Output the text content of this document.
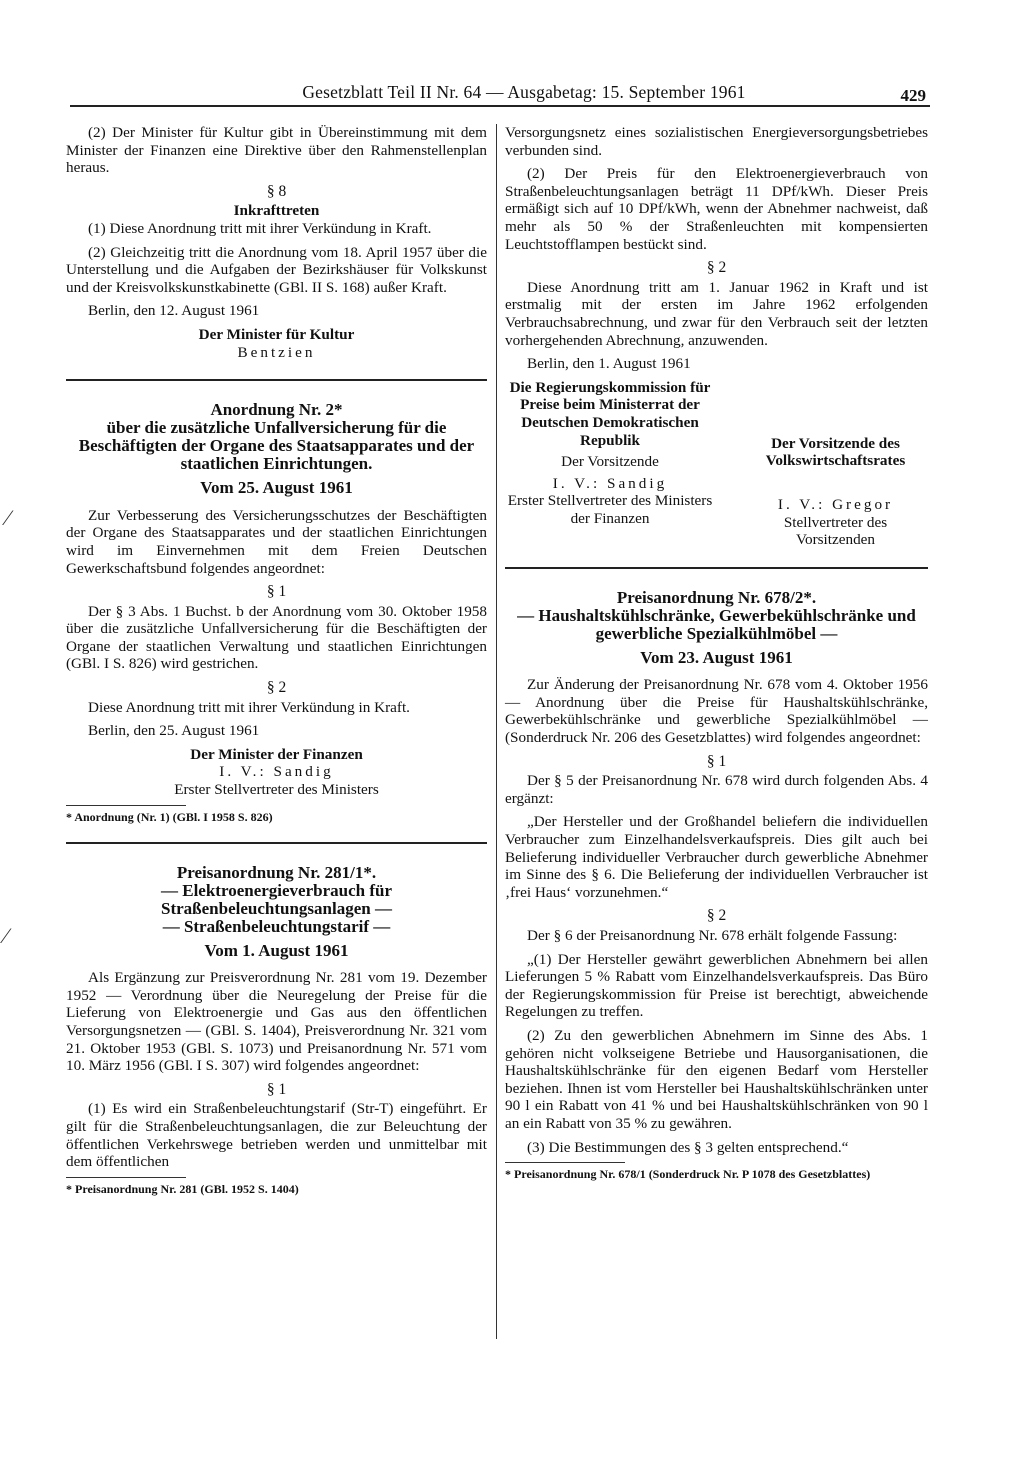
Gesetzblatt Teil II Nr. 64 — Ausgabetag: 15. September 1961	429

(2) Der Minister für Kultur gibt in Übereinstimmung mit dem Minister der Finanzen eine Direktive über den Rahmenstellenplan heraus.

§ 8
Inkrafttreten

(1) Diese Anordnung tritt mit ihrer Verkündung in Kraft.

(2) Gleichzeitig tritt die Anordnung vom 18. April 1957 über die Unterstellung und die Aufgaben der Bezirkshäuser für Volkskunst und der Kreisvolkskunstkabinette (GBl. II S. 168) außer Kraft.

Berlin, den 12. August 1961

Der Minister für Kultur
Bentzien
Anordnung Nr. 2*
über die zusätzliche Unfallversicherung für die Beschäftigten der Organe des Staatsapparates und der staatlichen Einrichtungen.
Vom 25. August 1961

Zur Verbesserung des Versicherungsschutzes der Beschäftigten der Organe des Staatsapparates und der staatlichen Einrichtungen wird im Einvernehmen mit dem Freien Deutschen Gewerkschaftsbund folgendes angeordnet:

§ 1

Der § 3 Abs. 1 Buchst. b der Anordnung vom 30. Oktober 1958 über die zusätzliche Unfallversicherung für die Beschäftigten der Organe der staatlichen Verwaltung und staatlichen Einrichtungen (GBl. I S. 826) wird gestrichen.

§ 2

Diese Anordnung tritt mit ihrer Verkündung in Kraft.

Berlin, den 25. August 1961

Der Minister der Finanzen
I. V.: Sandig
Erster Stellvertreter des Ministers
* Anordnung (Nr. 1) (GBl. I 1958 S. 826)
Preisanordnung Nr. 281/1*.
— Elektroenergieverbrauch für Straßenbeleuchtungsanlagen —
— Straßenbeleuchtungstarif —
Vom 1. August 1961

Als Ergänzung zur Preisverordnung Nr. 281 vom 19. Dezember 1952 — Verordnung über die Neuregelung der Preise für die Lieferung von Elektroenergie und Gas aus den öffentlichen Versorgungsnetzen — (GBl. S. 1404), Preisverordnung Nr. 321 vom 21. Oktober 1953 (GBl. S. 1073) und Preisanordnung Nr. 571 vom 10. März 1956 (GBl. I S. 307) wird folgendes angeordnet:

§ 1

(1) Es wird ein Straßenbeleuchtungstarif (Str-T) eingeführt. Er gilt für die Straßenbeleuchtungsanlagen, die zur Beleuchtung der öffentlichen Verkehrswege betrieben werden und unmittelbar mit dem öffentlichen

* Preisanordnung Nr. 281 (GBl. 1952 S. 1404)

Versorgungsnetz eines sozialistischen Energieversorgungsbetriebes verbunden sind.

(2) Der Preis für den Elektroenergieverbrauch von Straßenbeleuchtungsanlagen beträgt 11 DPf/kWh. Dieser Preis ermäßigt sich auf 10 DPf/kWh, wenn der Abnehmer nachweist, daß mehr als 50 % der Straßenleuchten mit kompensierten Leuchtstofflampen bestückt sind.

§ 2

Diese Anordnung tritt am 1. Januar 1962 in Kraft und ist erstmalig mit der ersten im Jahre 1962 erfolgenden Verbrauchsabrechnung, und zwar für den Verbrauch seit der letzten vorhergehenden Abrechnung, anzuwenden.

Berlin, den 1. August 1961

Die Regierungskommission für Preise beim Ministerrat der Deutschen Demokratischen Republik

Der Vorsitzende

I. V.: Sandig

Erster Stellvertreter des Ministers der Finanzen

Der Vorsitzende des Volkswirtschaftsrates

I. V.: Gregor

Stellvertreter des Vorsitzenden

Preisanordnung Nr. 678/2*.
— Haushaltskühlschränke, Gewerbekühlschränke und gewerbliche Spezialkühlmöbel —
Vom 23. August 1961

Zur Änderung der Preisanordnung Nr. 678 vom 4. Oktober 1956 — Anordnung über die Preise für Haushaltskühlschränke, Gewerbekühlschränke und gewerbliche Spezialkühlmöbel — (Sonderdruck Nr. 206 des Gesetzblattes) wird folgendes angeordnet:

§ 1

Der § 5 der Preisanordnung Nr. 678 wird durch folgenden Abs. 4 ergänzt:

„Der Hersteller und der Großhandel beliefern die individuellen Verbraucher zum Einzelhandelsverkaufspreis. Dies gilt auch bei Belieferung individueller Verbraucher durch gewerbliche Abnehmer im Sinne des § 6. Die Belieferung der individuellen Verbraucher ist ‚frei Haus‘ vorzunehmen.“

§ 2

Der § 6 der Preisanordnung Nr. 678 erhält folgende Fassung:

„(1) Der Hersteller gewährt gewerblichen Abnehmern bei allen Lieferungen 5 % Rabatt vom Einzelhandelsverkaufspreis. Das Büro der Regierungskommission für Preise ist berechtigt, abweichende Regelungen zu treffen.

(2) Zu den gewerblichen Abnehmern im Sinne des Abs. 1 gehören nicht volkseigene Betriebe und Hausorganisationen, die Haushaltskühlschränke für den eigenen Bedarf vom Hersteller beziehen. Ihnen ist vom Hersteller bei Haushaltskühlschränken unter 90 l ein Rabatt von 41 % und bei Haushaltskühlschränken von 90 l an ein Rabatt von 35 % zu gewähren.

(3) Die Bestimmungen des § 3 gelten entsprechend.“

* Preisanordnung Nr. 678/1 (Sonderdruck Nr. P 1078 des Gesetzblattes)
⁄
⁄
